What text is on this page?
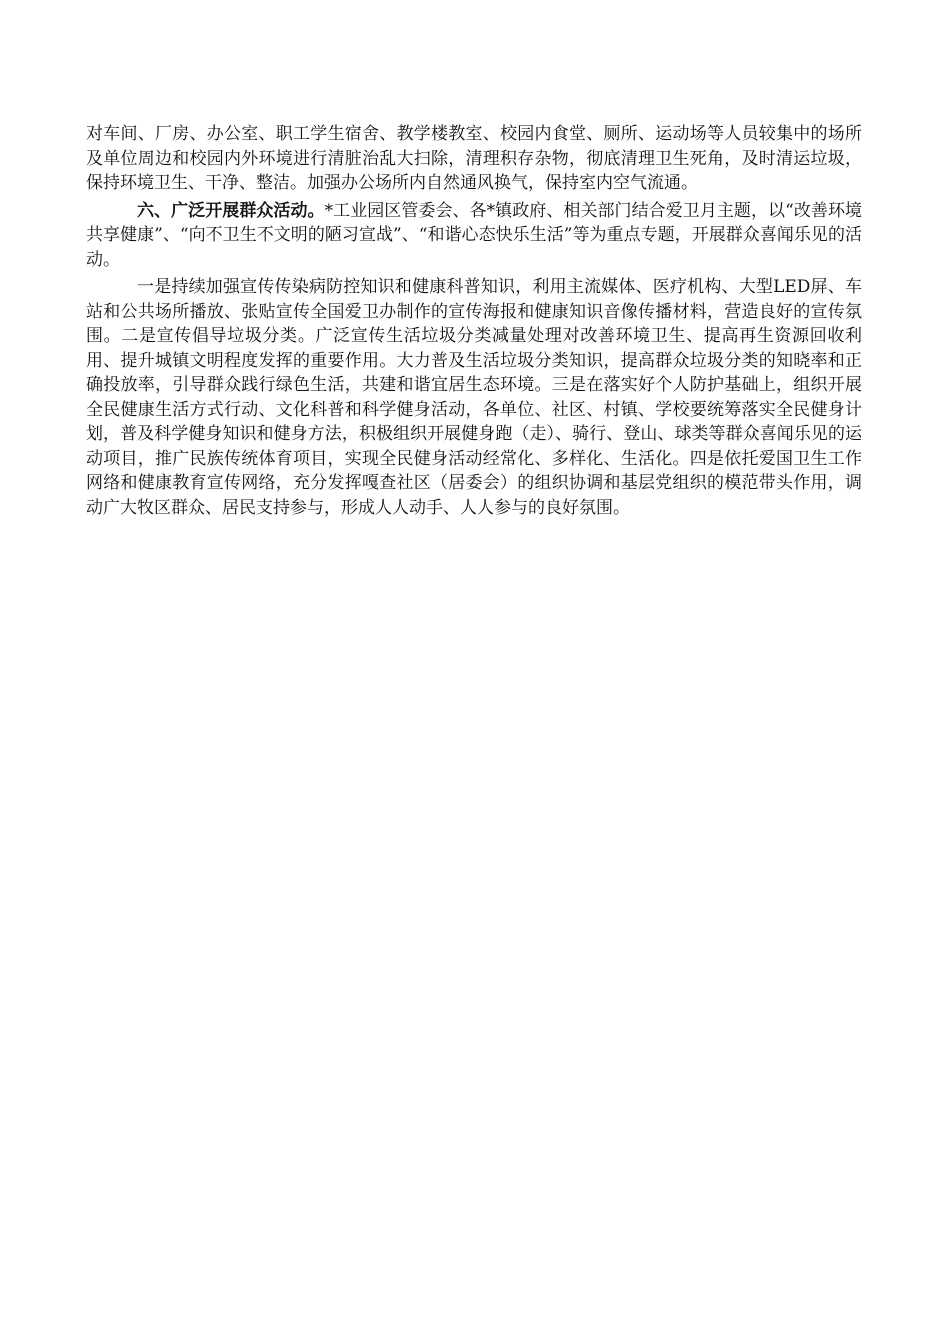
对车间、厂房、办公室、职工学生宿舍、教学楼教室、校园内食堂、厕所、运动场等人员较集中的场所及单位周边和校园内外环境进行清脏治乱大扫除，清理积存杂物，彻底清理卫生死角，及时清运垃圾，保持环境卫生、干净、整洁。加强办公场所内自然通风换气，保持室内空气流通。

六、广泛开展群众活动。*工业园区管委会、各*镇政府、相关部门结合爱卫月主题，以“改善环境共享健康”、“向不卫生不文明的陋习宣战”、“和谐心态快乐生活”等为重点专题，开展群众喜闻乐见的活动。

一是持续加强宣传传染病防控知识和健康科普知识，利用主流媒体、医疗机构、大型LED屏、车站和公共场所播放、张贴宣传全国爱卫办制作的宣传海报和健康知识音像传播材料，营造良好的宣传氛围。二是宣传倡导垃圾分类。广泛宣传生活垃圾分类减量处理对改善环境卫生、提高再生资源回收利用、提升城镇文明程度发挥的重要作用。大力普及生活垃圾分类知识，提高群众垃圾分类的知晓率和正确投放率，引导群众践行绿色生活，共建和谐宜居生态环境。三是在落实好个人防护基础上，组织开展全民健康生活方式行动、文化科普和科学健身活动，各单位、社区、村镇、学校要统筹落实全民健身计划，普及科学健身知识和健身方法，积极组织开展健身跑（走）、骑行、登山、球类等群众喜闻乐见的运动项目，推广民族传统体育项目，实现全民健身活动经常化、多样化、生活化。四是依托爱国卫生工作网络和健康教育宣传网络，充分发挥嘎查社区（居委会）的组织协调和基层党组织的模范带头作用，调动广大牧区群众、居民支持参与，形成人人动手、人人参与的良好氛围。
